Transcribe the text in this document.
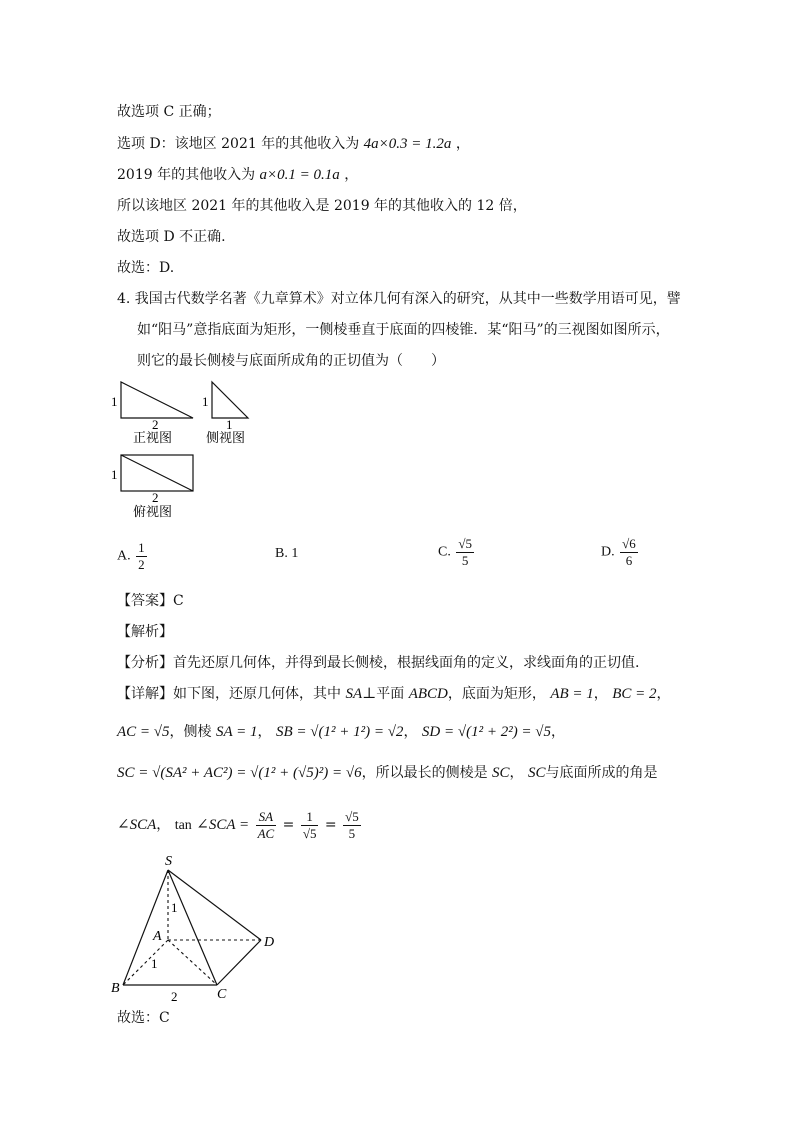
故选项 C 正确；
选项 D：该地区 2021 年的其他收入为 4a×0.3 = 1.2a ，
2019 年的其他收入为 a×0.1 = 0.1a ，
所以该地区 2021 年的其他收入是 2019 年的其他收入的 12 倍，
故选项 D 不正确.
故选：D.
4. 我国古代数学名著《九章算术》对立体几何有深入的研究，从其中一些数学用语可见，譬
如“阳马”意指底面为矩形，一侧棱垂直于底面的四棱锥．某“阳马”的三视图如图所示，
则它的最长侧棱与底面所成角的正切值为（　　）
1
2
正视图
1
1
侧视图
1
2
俯视图
A. $\frac{1}{2}$	B. 1	C. $\frac{√5}{5}$	D. $\frac{√6}{6}$
【答案】C
【解析】
【分析】首先还原几何体，并得到最长侧棱，根据线面角的定义，求线面角的正切值.
【详解】如下图，还原几何体，其中 SA⊥平面 ABCD，底面为矩形， AB = 1， BC = 2，
AC = √5，侧棱 SA = 1， SB = √(1² + 1²) = √2， SD = √(1² + 2²) = √5，
SC = √(SA² + AC²) = √(1² + (√5)²) = √6，所以最长的侧棱是 SC， SC与底面所成的角是
∠SCA， tan ∠SCA = $\frac{SA}{AC} = \frac{1}{√5} = \frac{√5}{5}$
S
A
B	C
D
1
1
2
故选：C
